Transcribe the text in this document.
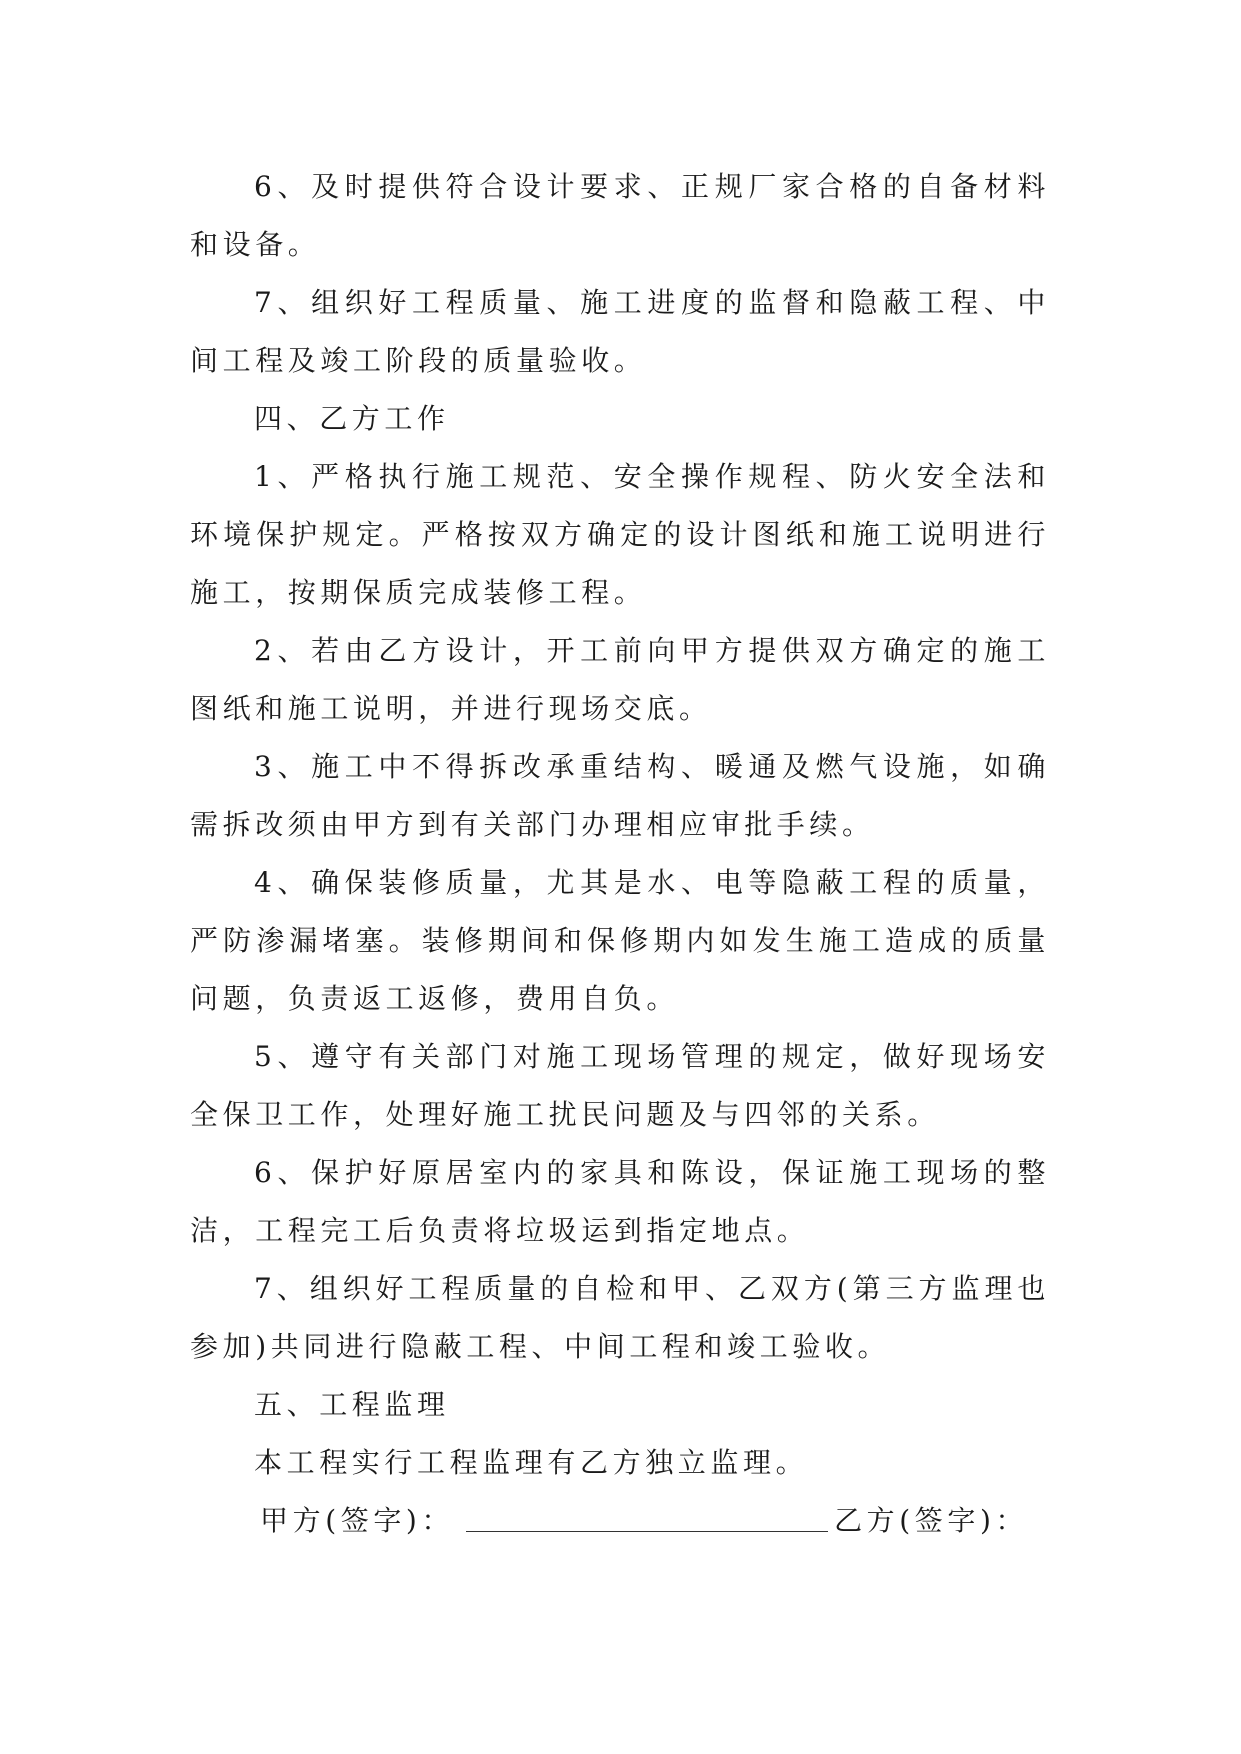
6、及时提供符合设计要求、正规厂家合格的自备材料和设备。

7、组织好工程质量、施工进度的监督和隐蔽工程、中间工程及竣工阶段的质量验收。

四、乙方工作

1、严格执行施工规范、安全操作规程、防火安全法和环境保护规定。严格按双方确定的设计图纸和施工说明进行施工，按期保质完成装修工程。

2、若由乙方设计，开工前向甲方提供双方确定的施工图纸和施工说明，并进行现场交底。

3、施工中不得拆改承重结构、暖通及燃气设施，如确需拆改须由甲方到有关部门办理相应审批手续。

4、确保装修质量，尤其是水、电等隐蔽工程的质量，严防渗漏堵塞。装修期间和保修期内如发生施工造成的质量问题，负责返工返修，费用自负。

5、遵守有关部门对施工现场管理的规定，做好现场安全保卫工作，处理好施工扰民问题及与四邻的关系。

6、保护好原居室内的家具和陈设，保证施工现场的整洁，工程完工后负责将垃圾运到指定地点。

7、组织好工程质量的自检和甲、乙双方(第三方监理也参加)共同进行隐蔽工程、中间工程和竣工验收。

五、工程监理

本工程实行工程监理有乙方独立监理。

甲方(签字)：	乙方(签字)：
